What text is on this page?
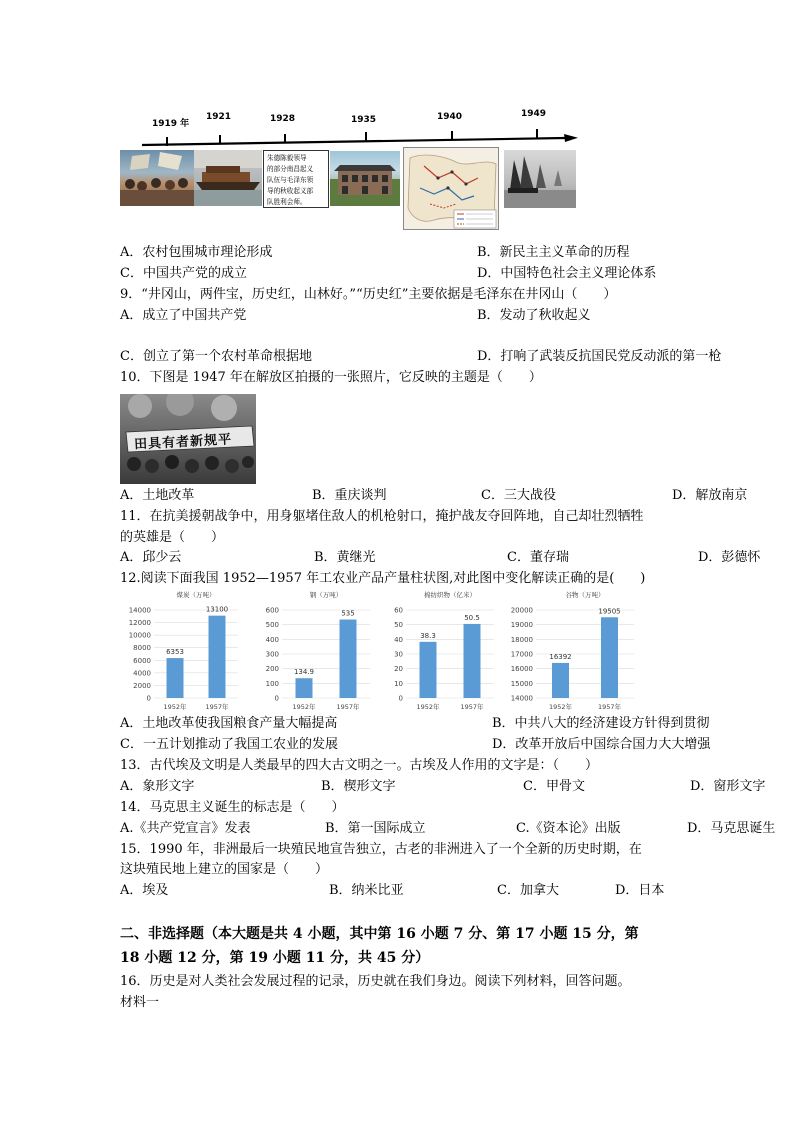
1919 年
1921	1928	1935	1940	1949
朱德陈毅领导
的部分南昌起义
队伍与毛泽东领
导的秋收起义部
队胜利会师。
A．农村包围城市理论形成	B．新民主主义革命的历程
C．中国共产党的成立	D．中国特色社会主义理论体系
9．“井冈山，两件宝，历史红，山林好。”“历史红”主要依据是毛泽东在井冈山（　　）
A．成立了中国共产党	B．发动了秋收起义
C．创立了第一个农村革命根据地	D．打响了武装反抗国民党反动派的第一枪
10．下图是 1947 年在解放区拍摄的一张照片，它反映的主题是（　　）
田具有者新规平
A．土地改革	B．重庆谈判	C．三大战役	D．解放南京
11．在抗美援朝战争中，用身躯堵住敌人的机枪射口，掩护战友夺回阵地，自己却壮烈牺牲
的英雄是（　　）
A．邱少云	B．黄继光	C．董存瑞	D．彭德怀
12.阅读下面我国 1952—1957 年工农业产品产量柱状图,对此图中变化解读正确的是(　　)
煤炭（万吨）
0
2000
4000
6000
8000
10000
12000
14000
6353
1952年
13100
1957年
钢（万吨）
0
100
200
300
400
500
600
134.9
1952年
535
1957年
棉纺织物（亿米）
0
10
20
30
40
50
60
38.3
1952年
50.5
1957年
谷物（万吨）
14000
15000
16000
17000
18000
19000
20000
16392
1952年
19505
1957年
A．土地改革使我国粮食产量大幅提高	B．中共八大的经济建设方针得到贯彻
C．一五计划推动了我国工农业的发展	D．改革开放后中国综合国力大大增强
13．古代埃及文明是人类最早的四大古文明之一。古埃及人作用的文字是：（　　）
A．象形文字	B．楔形文字	C．甲骨文	D．窗形文字
14．马克思主义诞生的标志是（　　）
A.《共产党宣言》发表	B．第一国际成立	C.《资本论》出版	D．马克思诞生
15．1990 年，非洲最后一块殖民地宣告独立，古老的非洲进入了一个全新的历史时期，在
这块殖民地上建立的国家是（　　）
A．埃及	B．纳米比亚	C．加拿大	D．日本
二、非选择题（本大题是共 4 小题，其中第 16 小题 7 分、第 17 小题 15 分，第
18 小题 12 分，第 19 小题 11 分，共 45 分）
16．历史是对人类社会发展过程的记录，历史就在我们身边。阅读下列材料，回答问题。
材料一
